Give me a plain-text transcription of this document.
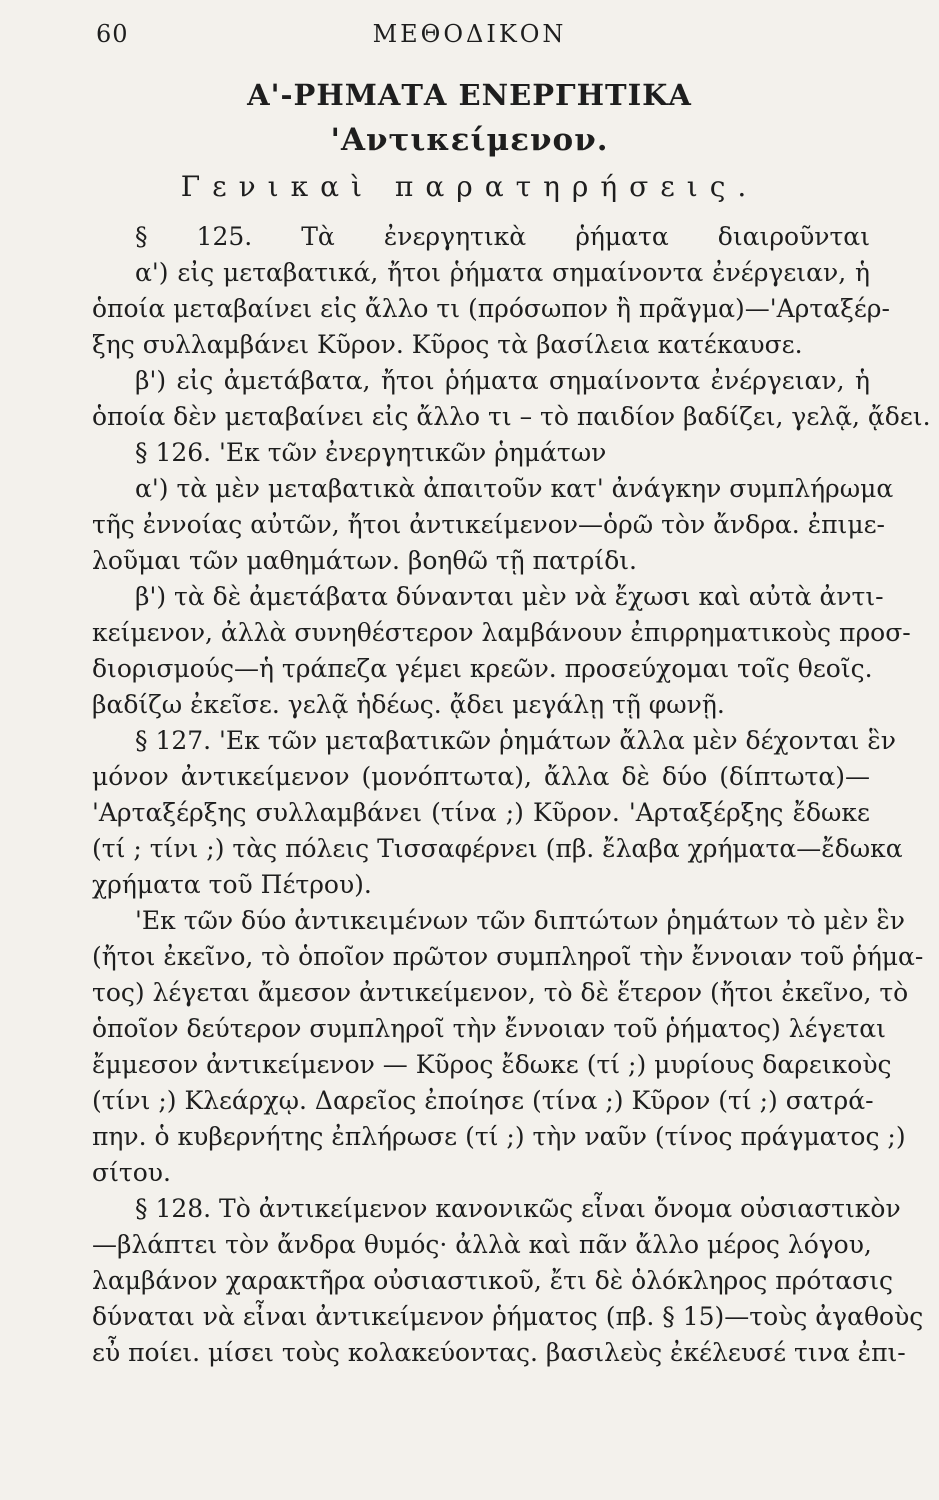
60	ΜΕΘΟΔΙΚΟΝ
Α'-ΡΗΜΑΤΑ ΕΝΕΡΓΗΤΙΚΑ
'Αντικείμενον.
Γενικαὶ παρατηρήσεις.
§ 125. Τὰ ἐνεργητικὰ ῥήματα διαιροῦνται
α') εἰς μεταβατικά, ἤτοι ῥήματα σημαίνοντα ἐνέργειαν, ἡ
ὁποία μεταβαίνει εἰς ἄλλο τι (πρόσωπον ἢ πρᾶγμα)—'Αρταξέρ-
ξης συλλαμβάνει Κῦρον. Κῦρος τὰ βασίλεια κατέκαυσε.
β') εἰς ἀμετάβατα, ἤτοι ῥήματα σημαίνοντα ἐνέργειαν, ἡ
ὁποία δὲν μεταβαίνει εἰς ἄλλο τι – τὸ παιδίον βαδίζει, γελᾷ, ᾄδει.
§ 126. 'Εκ τῶν ἐνεργητικῶν ῥημάτων
α') τὰ μὲν μεταβατικὰ ἀπαιτοῦν κατ' ἀνάγκην συμπλήρωμα
τῆς ἐννοίας αὐτῶν, ἤτοι ἀντικείμενον—ὁρῶ τὸν ἄνδρα. ἐπιμε-
λοῦμαι τῶν μαθημάτων. βοηθῶ τῇ πατρίδι.
β') τὰ δὲ ἀμετάβατα δύνανται μὲν νὰ ἔχωσι καὶ αὐτὰ ἀντι-
κείμενον, ἀλλὰ συνηθέστερον λαμβάνουν ἐπιρρηματικοὺς προσ-
διορισμούς—ἡ τράπεζα γέμει κρεῶν. προσεύχομαι τοῖς θεοῖς.
βαδίζω ἐκεῖσε. γελᾷ ἡδέως. ᾄδει μεγάλῃ τῇ φωνῇ.
§ 127. 'Εκ τῶν μεταβατικῶν ῥημάτων ἄλλα μὲν δέχονται ἓν
μόνον ἀντικείμενον (μονόπτωτα), ἄλλα δὲ δύο (δίπτωτα)—
'Αρταξέρξης συλλαμβάνει (τίνα ;) Κῦρον. 'Αρταξέρξης ἔδωκε
(τί ; τίνι ;) τὰς πόλεις Τισσαφέρνει (πβ. ἔλαβα χρήματα—ἔδωκα
χρήματα τοῦ Πέτρου).
'Εκ τῶν δύο ἀντικειμένων τῶν διπτώτων ῥημάτων τὸ μὲν ἓν
(ἤτοι ἐκεῖνο, τὸ ὁποῖον πρῶτον συμπληροῖ τὴν ἔννοιαν τοῦ ῥήμα-
τος) λέγεται ἄμεσον ἀντικείμενον, τὸ δὲ ἕτερον (ἤτοι ἐκεῖνο, τὸ
ὁποῖον δεύτερον συμπληροῖ τὴν ἔννοιαν τοῦ ῥήματος) λέγεται
ἔμμεσον ἀντικείμενον — Κῦρος ἔδωκε (τί ;) μυρίους δαρεικοὺς
(τίνι ;) Κλεάρχῳ. Δαρεῖος ἐποίησε (τίνα ;) Κῦρον (τί ;) σατρά-
πην. ὁ κυβερνήτης ἐπλήρωσε (τί ;) τὴν ναῦν (τίνος πράγματος ;)
σίτου.
§ 128. Τὸ ἀντικείμενον κανονικῶς εἶναι ὄνομα οὐσιαστικὸν
—βλάπτει τὸν ἄνδρα θυμός· ἀλλὰ καὶ πᾶν ἄλλο μέρος λόγου,
λαμβάνον χαρακτῆρα οὐσιαστικοῦ, ἔτι δὲ ὁλόκληρος πρότασις
δύναται νὰ εἶναι ἀντικείμενον ῥήματος (πβ. § 15)—τοὺς ἀγαθοὺς
εὖ ποίει. μίσει τοὺς κολακεύοντας. βασιλεὺς ἐκέλευσέ τινα ἐπι-
